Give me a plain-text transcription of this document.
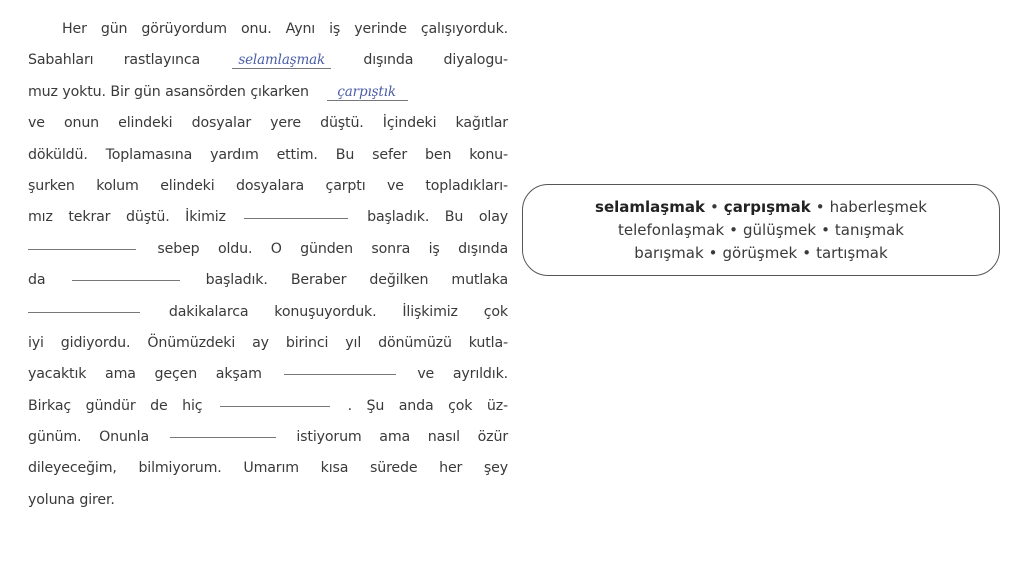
Her gün görüyordum onu. Aynı iş yerinde çalışıyorduk.
Sabahları rastlayınca	selamlaşmak	dışında diyalogu-
muz yoktu. Bir gün asansörden çıkarken çarpıştık
ve onun elindeki dosyalar yere düştü. İçindeki kağıtlar
döküldü. Toplamasına yardım ettim. Bu sefer ben konu-
şurken kolum elindeki dosyalara çarptı ve topladıkları-
mız tekrar düştü. İkimiz	başladık. Bu olay
sebep oldu. O günden sonra iş dışında
da	başladık. Beraber değilken mutlaka
dakikalarca konuşuyorduk. İlişkimiz çok
iyi gidiyordu. Önümüzdeki ay birinci yıl dönümüzü kutla-
yacaktık ama geçen akşam	ve ayrıldık.
Birkaç gündür de hiç	. Şu anda çok üz-
günüm. Onunla	istiyorum ama nasıl özür
dileyeceğim, bilmiyorum. Umarım kısa sürede her şey
yoluna girer.
selamlaşmak • çarpışmak • haberleşmek
telefonlaşmak • gülüşmek • tanışmak
barışmak • görüşmek • tartışmak
